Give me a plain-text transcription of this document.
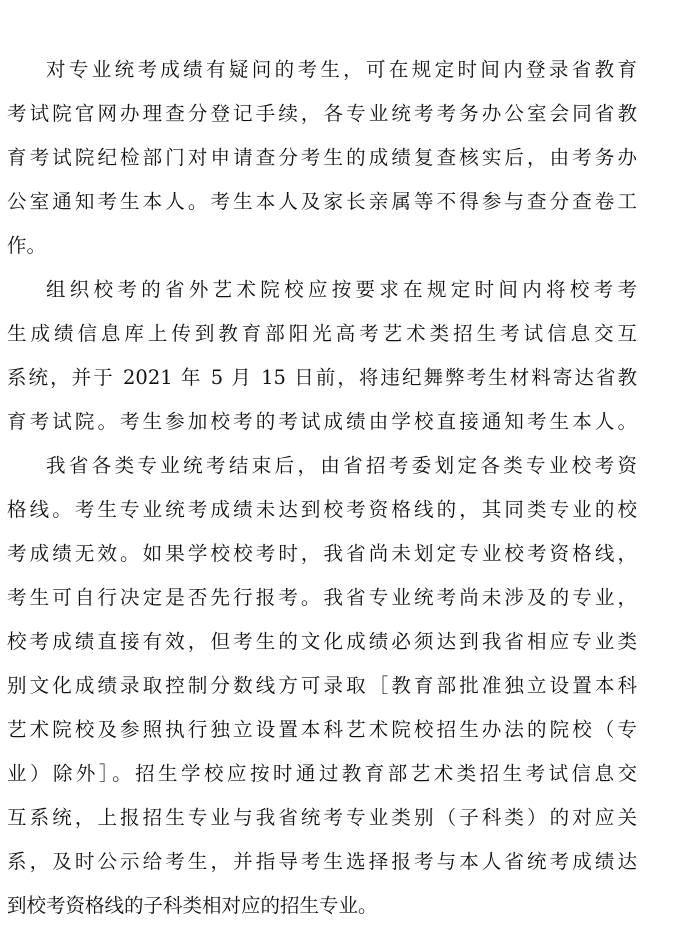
对专业统考成绩有疑问的考生，可在规定时间内登录省教育
考试院官网办理查分登记手续，各专业统考考务办公室会同省教
育考试院纪检部门对申请查分考生的成绩复查核实后，由考务办
公室通知考生本人。考生本人及家长亲属等不得参与查分查卷工
作。
组织校考的省外艺术院校应按要求在规定时间内将校考考
生成绩信息库上传到教育部阳光高考艺术类招生考试信息交互
系统，并于 2021 年 5 月 15 日前，将违纪舞弊考生材料寄达省教
育考试院。考生参加校考的考试成绩由学校直接通知考生本人。
我省各类专业统考结束后，由省招考委划定各类专业校考资
格线。考生专业统考成绩未达到校考资格线的，其同类专业的校
考成绩无效。如果学校校考时，我省尚未划定专业校考资格线，
考生可自行决定是否先行报考。我省专业统考尚未涉及的专业，
校考成绩直接有效，但考生的文化成绩必须达到我省相应专业类
别文化成绩录取控制分数线方可录取［教育部批准独立设置本科
艺术院校及参照执行独立设置本科艺术院校招生办法的院校（专
业）除外］。招生学校应按时通过教育部艺术类招生考试信息交
互系统，上报招生专业与我省统考专业类别（子科类）的对应关
系，及时公示给考生，并指导考生选择报考与本人省统考成绩达
到校考资格线的子科类相对应的招生专业。
